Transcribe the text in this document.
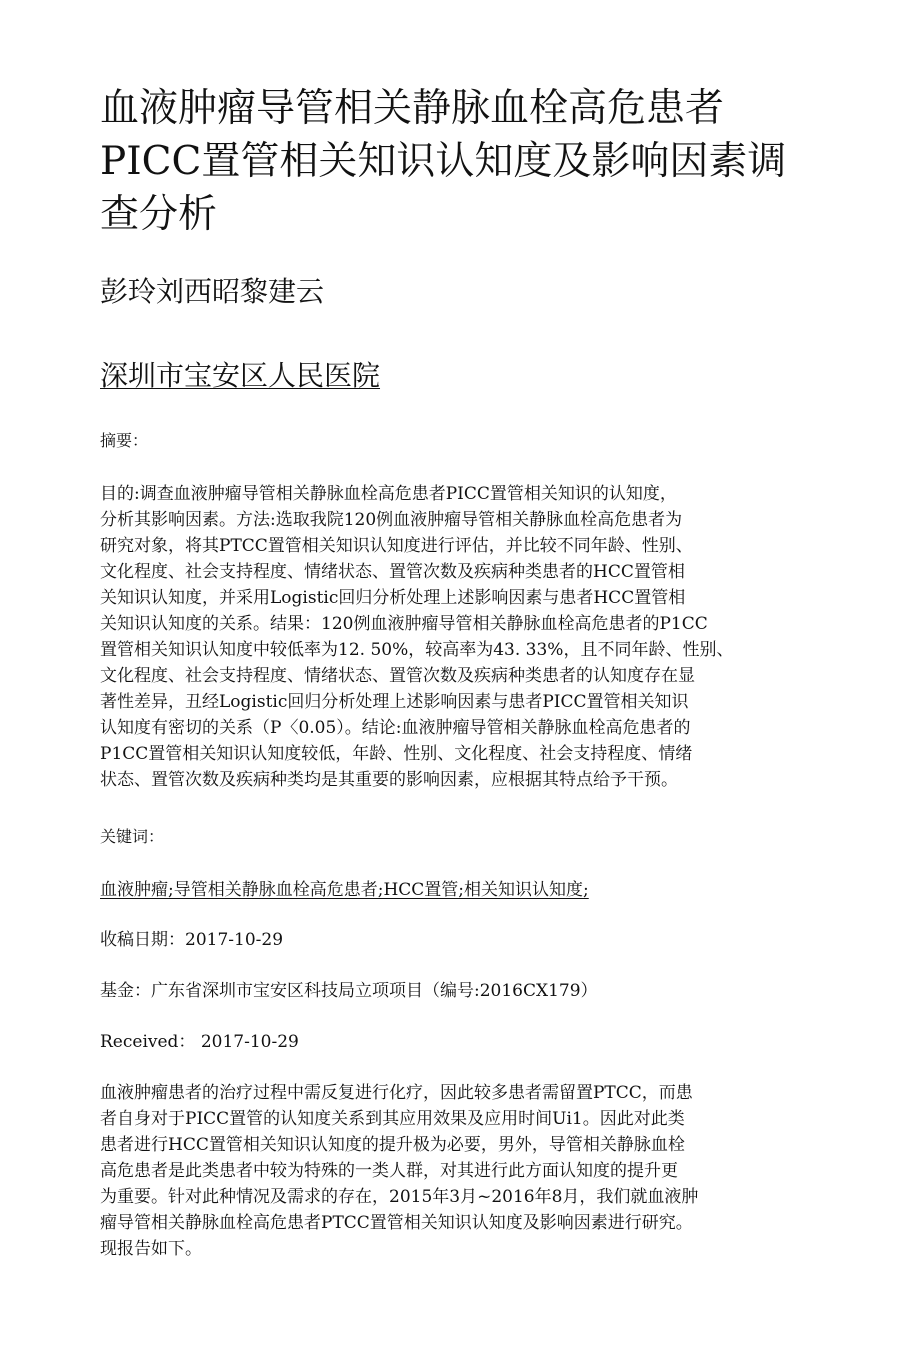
血液肿瘤导管相关静脉血栓高危患者
PICC置管相关知识认知度及影响因素调
查分析

彭玲刘西昭黎建云

深圳市宝安区人民医院

摘要：

目的:调查血液肿瘤导管相关静脉血栓高危患者PICC置管相关知识的认知度，
分析其影响因素。方法:选取我院120例血液肿瘤导管相关静脉血栓高危患者为
研究对象，将其PTCC置管相关知识认知度进行评估，并比较不同年龄、性别、
文化程度、社会支持程度、情绪状态、置管次数及疾病种类患者的HCC置管相
关知识认知度，并采用Logistic回归分析处理上述影响因素与患者HCC置管相
关知识认知度的关系。结果：120例血液肿瘤导管相关静脉血栓高危患者的P1CC
置管相关知识认知度中较低率为12. 50%，较高率为43. 33%，且不同年龄、性别、
文化程度、社会支持程度、情绪状态、置管次数及疾病种类患者的认知度存在显
著性差异，丑经Logistic回归分析处理上述影响因素与患者PICC置管相关知识
认知度有密切的关系（P〈0.05）。结论:血液肿瘤导管相关静脉血栓高危患者的
P1CC置管相关知识认知度较低，年龄、性别、文化程度、社会支持程度、情绪
状态、置管次数及疾病种类均是其重要的影响因素，应根据其特点给予干预。

关键词：

血液肿瘤;导管相关静脉血栓高危患者;HCC置管;相关知识认知度;

收稿日期：2017-10-29

基金：广东省深圳市宝安区科技局立项项目（编号:2016CX179）

Received： 2017-10-29

血液肿瘤患者的治疗过程中需反复进行化疗，因此较多患者需留置PTCC，而患
者自身对于PICC置管的认知度关系到其应用效果及应用时间Ui1。因此对此类
患者进行HCC置管相关知识认知度的提升极为必要，男外，导管相关静脉血栓
高危患者是此类患者中较为特殊的一类人群，对其进行此方面认知度的提升更
为重要。针对此种情况及需求的存在，2015年3月~2016年8月，我们就血液肿
瘤导管相关静脉血栓高危患者PTCC置管相关知识认知度及影响因素进行研究。
现报告如下。
